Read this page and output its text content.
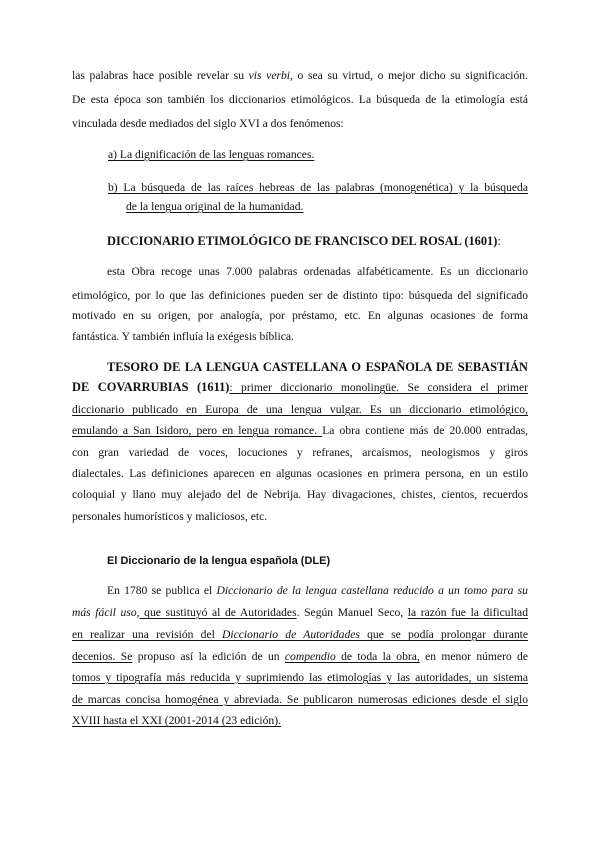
las palabras hace posible revelar su vis verbi, o sea su virtud, o mejor dicho su significación.
De esta época son también los diccionarios etimológicos. La búsqueda de la etimología está
vinculada desde mediados del siglo XVI a dos fenómenos:
a) La dignificación de las lenguas romances.
b) La búsqueda de las raíces hebreas de las palabras (monogenética) y la búsqueda
de la lengua original de la humanidad.
DICCIONARIO ETIMOLÓGICO DE FRANCISCO DEL ROSAL (1601):
esta Obra recoge unas 7.000 palabras ordenadas alfabéticamente. Es un diccionario
etimológico, por lo que las definiciones pueden ser de distinto tipo: búsqueda del significado
motivado en su origen, por analogía, por préstamo, etc. En algunas ocasiones de forma
fantástica. Y también influía la exégesis bíblica.
TESORO DE LA LENGUA CASTELLANA O ESPAÑOLA DE SEBASTIÁN
DE COVARRUBIAS (1611): primer diccionario monolingüe. Se considera el primer
diccionario publicado en Europa de una lengua vulgar. Es un diccionario etimológico,
emulando a San Isidoro, pero en lengua romance. La obra contiene más de 20.000 entradas,
con gran variedad de voces, locuciones y refranes, arcaísmos, neologismos y giros
dialectales. Las definiciones aparecen en algunas ocasiones en primera persona, en un estilo
coloquial y llano muy alejado del de Nebrija. Hay divagaciones, chistes, cientos, recuerdos
personales humorísticos y maliciosos, etc.
El Diccionario de la lengua española (DLE)
En 1780 se publica el Diccionario de la lengua castellana reducido a un tomo para su
más fácil uso, que sustituyó al de Autoridades. Según Manuel Seco, la razón fue la dificultad
en realizar una revisión del Diccionario de Autoridades que se podía prolongar durante
decenios. Se propuso así la edición de un compendio de toda la obra, en menor número de
tomos y tipografía más reducida y suprimiendo las etimologías y las autoridades, un sistema
de marcas concisa homogénea y abreviada. Se publicaron numerosas ediciones desde el siglo
XVIII hasta el XXI (2001-2014 (23 edición).
